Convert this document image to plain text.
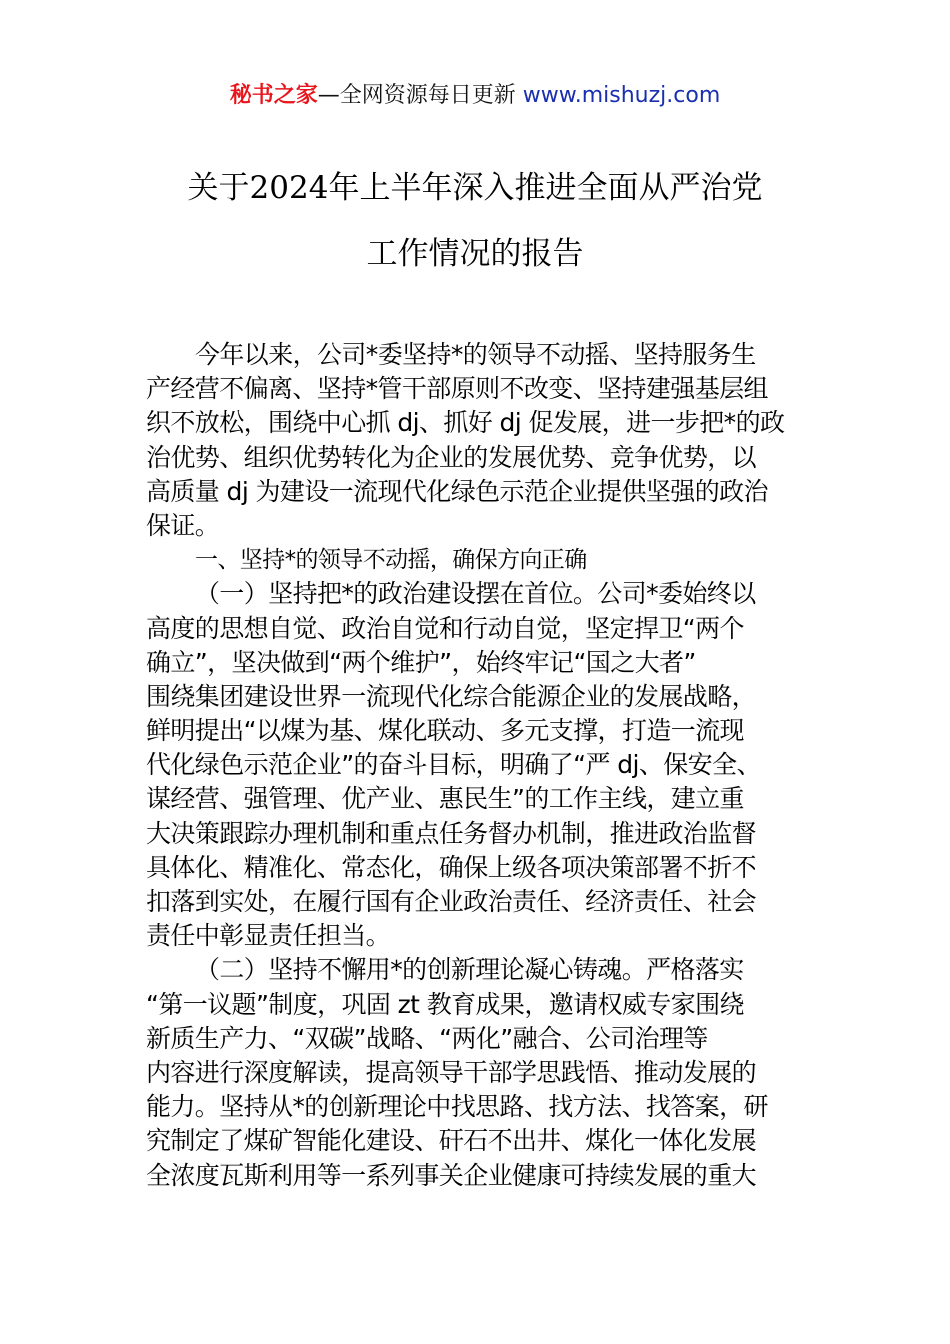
秘书之家—全网资源每日更新 www.mishuzj.com
关于2024年上半年深入推进全面从严治党
工作情况的报告
今年以来，公司*委坚持*的领导不动摇、坚持服务生
产经营不偏离、坚持*管干部原则不改变、坚持建强基层组
织不放松，围绕中心抓 dj、抓好 dj 促发展，进一步把*的政
治优势、组织优势转化为企业的发展优势、竞争优势，以
高质量 dj 为建设一流现代化绿色示范企业提供坚强的政治
保证。
一、坚持*的领导不动摇，确保方向正确
（一）坚持把*的政治建设摆在首位。公司*委始终以
高度的思想自觉、政治自觉和行动自觉，坚定捍卫“两个
确立”，坚决做到“两个维护”，始终牢记“国之大者”
围绕集团建设世界一流现代化综合能源企业的发展战略，
鲜明提出“以煤为基、煤化联动、多元支撑，打造一流现
代化绿色示范企业”的奋斗目标，明确了“严 dj、保安全、
谋经营、强管理、优产业、惠民生”的工作主线，建立重
大决策跟踪办理机制和重点任务督办机制，推进政治监督
具体化、精准化、常态化，确保上级各项决策部署不折不
扣落到实处，在履行国有企业政治责任、经济责任、社会
责任中彰显责任担当。
（二）坚持不懈用*的创新理论凝心铸魂。严格落实
“第一议题”制度，巩固 zt 教育成果，邀请权威专家围绕
新质生产力、“双碳”战略、“两化”融合、公司治理等
内容进行深度解读，提高领导干部学思践悟、推动发展的
能力。坚持从*的创新理论中找思路、找方法、找答案，研
究制定了煤矿智能化建设、矸石不出井、煤化一体化发展
全浓度瓦斯利用等一系列事关企业健康可持续发展的重大
